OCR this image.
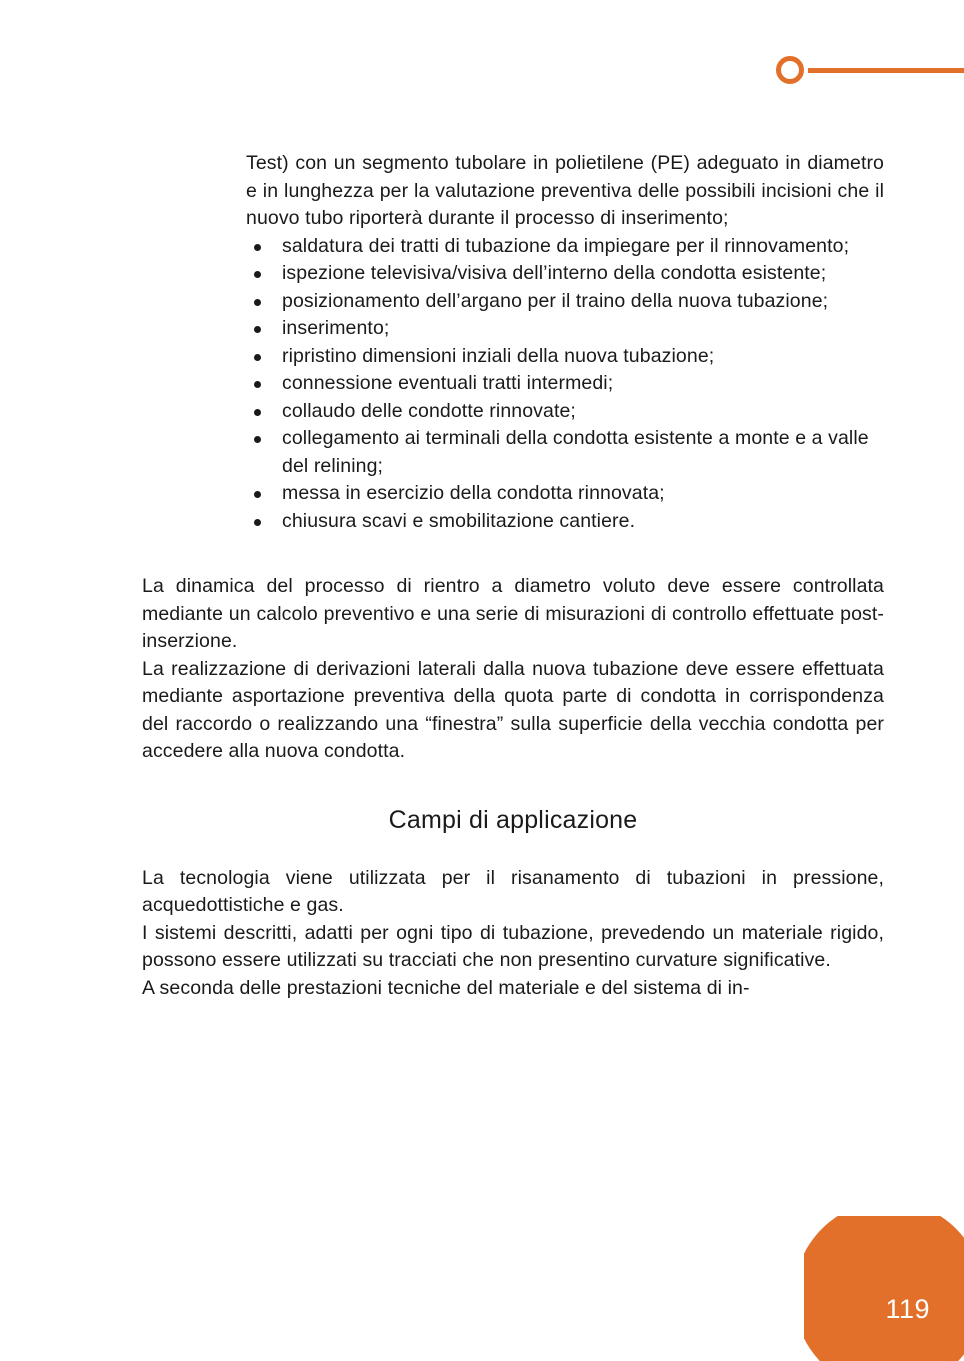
Test) con un segmento tubolare in polietilene (PE) adeguato in diametro e in lunghezza per la valutazione preventiva delle possibili incisioni che il nuovo tubo riporterà durante il processo di inserimento;

saldatura dei tratti di tubazione da impiegare per il rinnovamento;
ispezione televisiva/visiva dell’interno della condotta esistente;
posizionamento dell’argano per il traino della nuova tubazione;
inserimento;
ripristino dimensioni inziali della nuova tubazione;
connessione eventuali tratti intermedi;
collaudo delle condotte rinnovate;
collegamento ai terminali della condotta esistente a monte e a valle del relining;
messa in esercizio della condotta rinnovata;
chiusura scavi e smobilitazione cantiere.

La dinamica del processo di rientro a diametro voluto deve essere controllata mediante un calcolo preventivo e una serie di misurazioni di controllo effettuate post-inserzione.

La realizzazione di derivazioni laterali dalla nuova tubazione deve essere effettuata mediante asportazione preventiva della quota parte di condotta in corrispondenza del raccordo o realizzando una “finestra” sulla superficie della vecchia condotta per accedere alla nuova condotta.

Campi di applicazione

La tecnologia viene utilizzata per il risanamento di tubazioni in pressione, acquedottistiche e gas.

I sistemi descritti, adatti per ogni tipo di tubazione, prevedendo un materiale rigido, possono essere utilizzati su tracciati che non presentino curvature significative.

A seconda delle prestazioni tecniche del materiale e del sistema di in-

119
